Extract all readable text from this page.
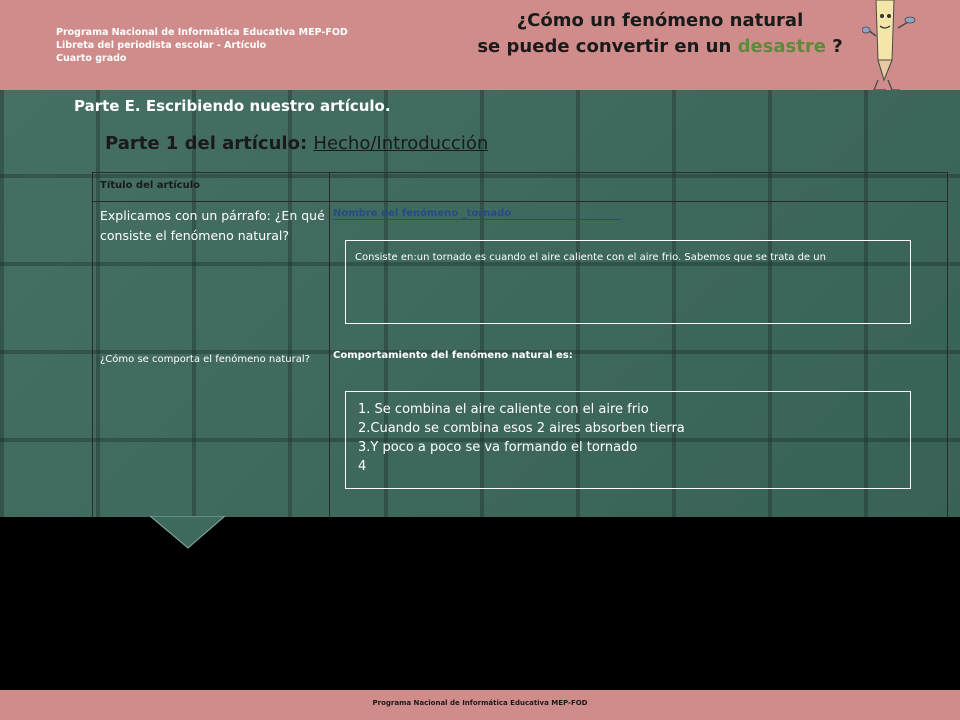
Programa Nacional de Informática Educativa MEP-FOD
Libreta del periodista escolar - Artículo
Cuarto grado
¿Cómo un fenómeno natural
se puede convertir en un desastre ?
Parte E. Escribiendo nuestro artículo.
Parte 1 del artículo: Hecho/Introducción
Título del artículo
Explicamos con un párrafo: ¿En qué consiste el fenómeno natural?
Nombre del fenómeno _tornado
Consiste en:un tornado es cuando el aire caliente con el aire frio. Sabemos que se trata de un
¿Cómo se comporta el fenómeno natural?	Comportamiento del fenómeno natural es:
1. Se combina el aire caliente con el aire frio
2.Cuando se combina esos 2 aires absorben tierra
3.Y poco a poco se va formando el tornado
4
Programa Nacional de Informática Educativa MEP-FOD
